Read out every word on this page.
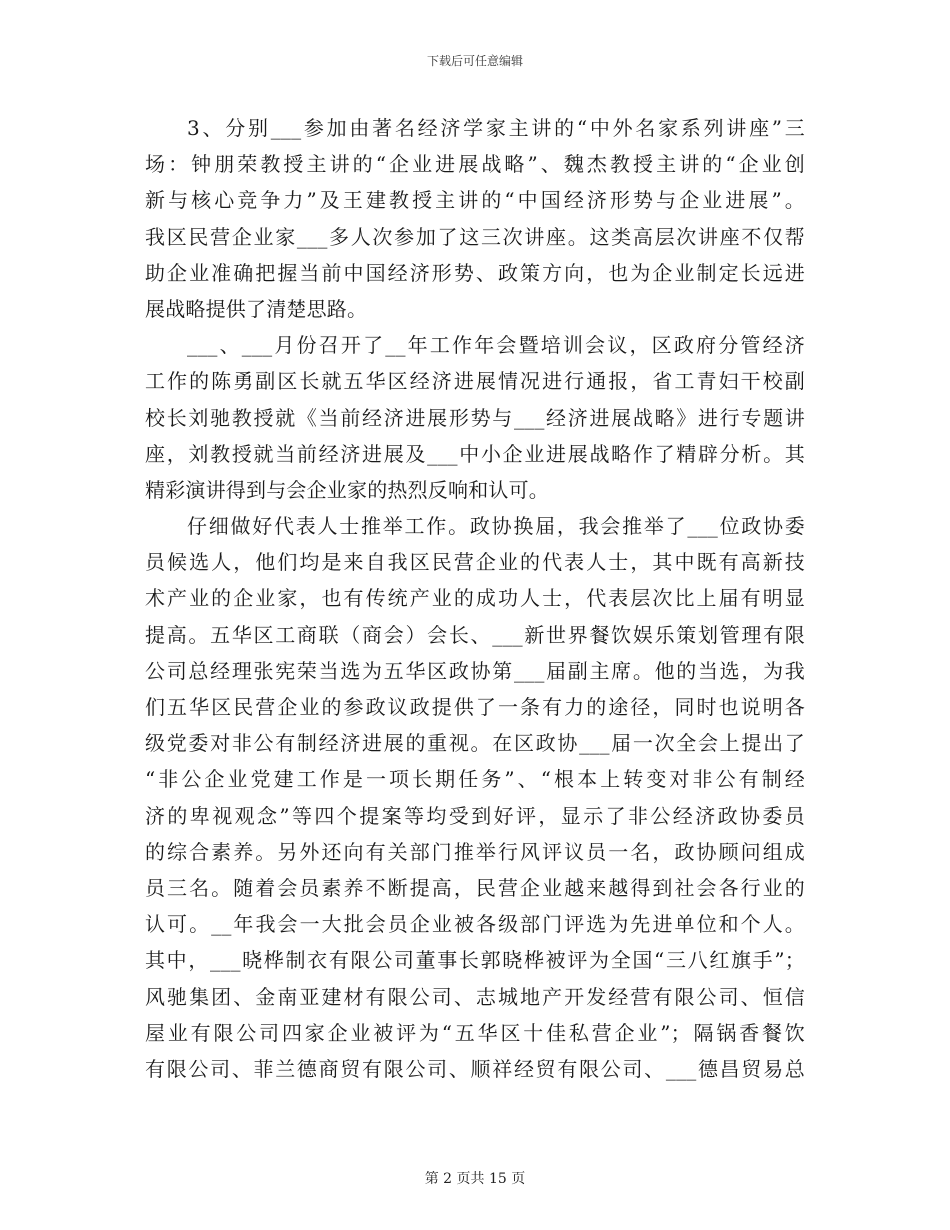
下载后可任意编辑
3、分别___参加由著名经济学家主讲的“中外名家系列讲座”三
场：钟朋荣教授主讲的“企业进展战略”、魏杰教授主讲的“企业创
新与核心竞争力”及王建教授主讲的“中国经济形势与企业进展”。
我区民营企业家___多人次参加了这三次讲座。这类高层次讲座不仅帮
助企业准确把握当前中国经济形势、政策方向，也为企业制定长远进
展战略提供了清楚思路。
___、___月份召开了__年工作年会暨培训会议，区政府分管经济
工作的陈勇副区长就五华区经济进展情况进行通报，省工青妇干校副
校长刘驰教授就《当前经济进展形势与___经济进展战略》进行专题讲
座，刘教授就当前经济进展及___中小企业进展战略作了精辟分析。其
精彩演讲得到与会企业家的热烈反响和认可。
仔细做好代表人士推举工作。政协换届，我会推举了___位政协委
员候选人，他们均是来自我区民营企业的代表人士，其中既有高新技
术产业的企业家，也有传统产业的成功人士，代表层次比上届有明显
提高。五华区工商联（商会）会长、___新世界餐饮娱乐策划管理有限
公司总经理张宪荣当选为五华区政协第___届副主席。他的当选，为我
们五华区民营企业的参政议政提供了一条有力的途径，同时也说明各
级党委对非公有制经济进展的重视。在区政协___届一次全会上提出了
“非公企业党建工作是一项长期任务”、“根本上转变对非公有制经
济的卑视观念”等四个提案等均受到好评，显示了非公经济政协委员
的综合素养。另外还向有关部门推举行风评议员一名，政协顾问组成
员三名。随着会员素养不断提高，民营企业越来越得到社会各行业的
认可。__年我会一大批会员企业被各级部门评选为先进单位和个人。
其中，___晓桦制衣有限公司董事长郭晓桦被评为全国“三八红旗手”；
风驰集团、金南亚建材有限公司、志城地产开发经营有限公司、恒信
屋业有限公司四家企业被评为“五华区十佳私营企业”；隔锅香餐饮
有限公司、菲兰德商贸有限公司、顺祥经贸有限公司、___德昌贸易总
第 2 页共 15 页
